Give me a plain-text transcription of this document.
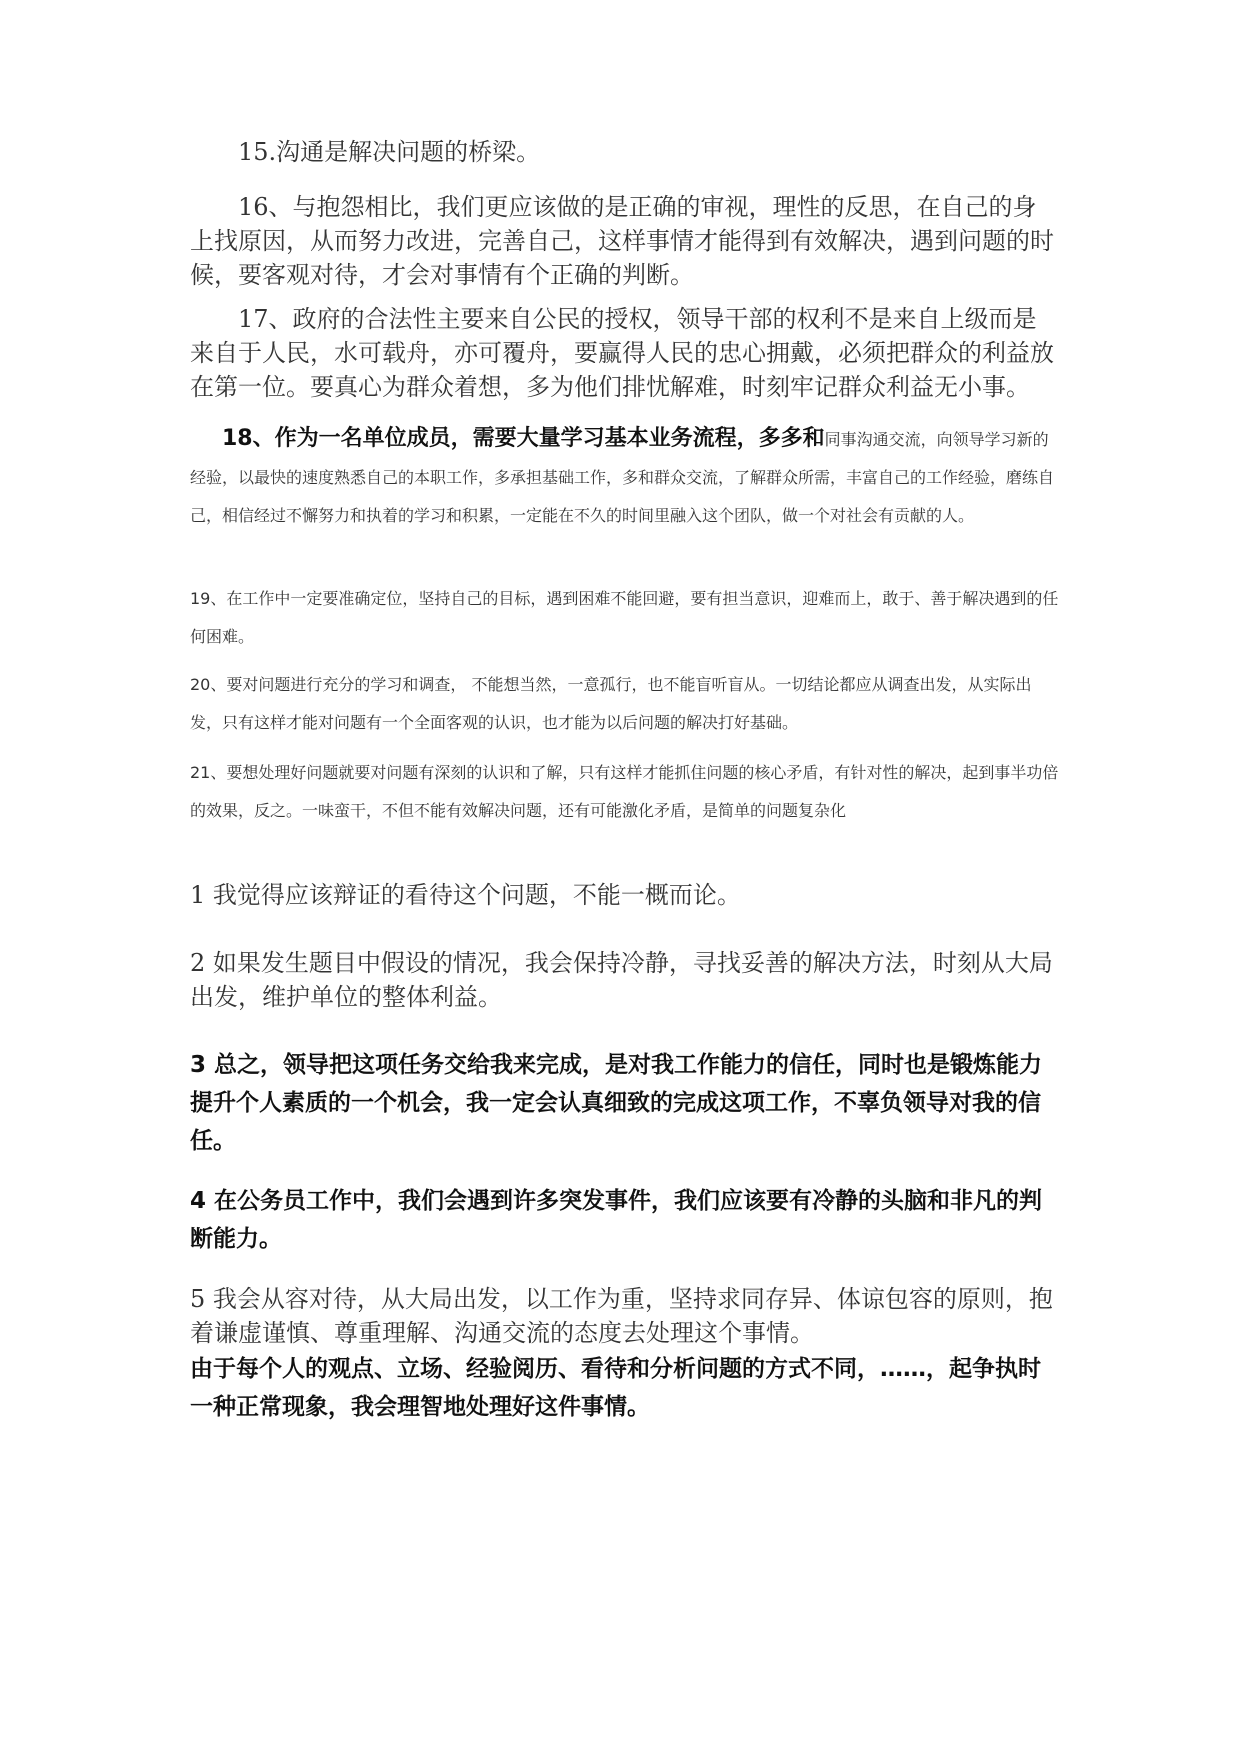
15.沟通是解决问题的桥梁。

16、与抱怨相比，我们更应该做的是正确的审视，理性的反思，在自己的身上找原因，从而努力改进，完善自己，这样事情才能得到有效解决，遇到问题的时候，要客观对待，才会对事情有个正确的判断。

17、政府的合法性主要来自公民的授权，领导干部的权利不是来自上级而是来自于人民，水可载舟，亦可覆舟，要赢得人民的忠心拥戴，必须把群众的利益放在第一位。要真心为群众着想，多为他们排忧解难，时刻牢记群众利益无小事。

18、作为一名单位成员，需要大量学习基本业务流程，多多和同事沟通交流，向领导学习新的经验，以最快的速度熟悉自己的本职工作，多承担基础工作，多和群众交流，了解群众所需，丰富自己的工作经验，磨练自己，相信经过不懈努力和执着的学习和积累，一定能在不久的时间里融入这个团队，做一个对社会有贡献的人。

19、在工作中一定要准确定位，坚持自己的目标，遇到困难不能回避，要有担当意识，迎难而上，敢于、善于解决遇到的任何困难。

20、要对问题进行充分的学习和调查， 不能想当然，一意孤行，也不能盲听盲从。一切结论都应从调查出发，从实际出发，只有这样才能对问题有一个全面客观的认识，也才能为以后问题的解决打好基础。

21、要想处理好问题就要对问题有深刻的认识和了解，只有这样才能抓住问题的核心矛盾，有针对性的解决，起到事半功倍的效果，反之。一味蛮干，不但不能有效解决问题，还有可能激化矛盾，是简单的问题复杂化

1 我觉得应该辩证的看待这个问题，不能一概而论。

2 如果发生题目中假设的情况，我会保持冷静，寻找妥善的解决方法，时刻从大局出发，维护单位的整体利益。

3 总之，领导把这项任务交给我来完成，是对我工作能力的信任，同时也是锻炼能力提升个人素质的一个机会，我一定会认真细致的完成这项工作，不辜负领导对我的信任。

4 在公务员工作中，我们会遇到许多突发事件，我们应该要有冷静的头脑和非凡的判断能力。

5 我会从容对待，从大局出发，以工作为重，坚持求同存异、体谅包容的原则，抱着谦虚谨慎、尊重理解、沟通交流的态度去处理这个事情。

由于每个人的观点、立场、经验阅历、看待和分析问题的方式不同，……，起争执时一种正常现象，我会理智地处理好这件事情。
